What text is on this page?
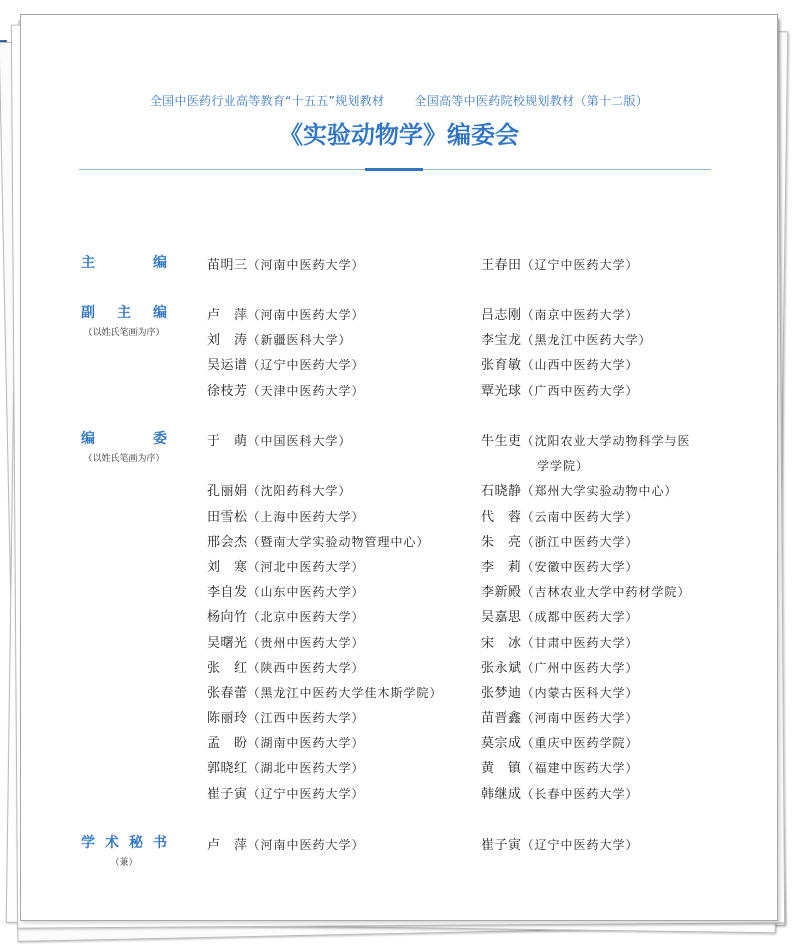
全国中医药行业高等教育“十五五”规划教材	全国高等中医药院校规划教材（第十二版）
《实验动物学》编委会
主	编	苗明三（河南中医药大学）	王春田（辽宁中医药大学）
副 主 编
（以姓氏笔画为序）
卢　萍（河南中医药大学）	吕志刚（南京中医药大学）
刘　涛（新疆医科大学）	李宝龙（黑龙江中医药大学）
吴运谱（辽宁中医药大学）	张育敏（山西中医药大学）
徐枝芳（天津中医药大学）	覃光球（广西中医药大学）
编	委
（以姓氏笔画为序）
于　萌（中国医科大学）	牛生吏（沈阳农业大学动物科学与医
学学院）
孔丽娟（沈阳药科大学）	石晓静（郑州大学实验动物中心）
田雪松（上海中医药大学）	代　蓉（云南中医药大学）
邢会杰（暨南大学实验动物管理中心）	朱　亮（浙江中医药大学）
刘　寒（河北中医药大学）	李　莉（安徽中医药大学）
李自发（山东中医药大学）	李新殿（吉林农业大学中药材学院）
杨向竹（北京中医药大学）	吴嘉思（成都中医药大学）
吴曙光（贵州中医药大学）	宋　冰（甘肃中医药大学）
张　红（陕西中医药大学）	张永斌（广州中医药大学）
张春蕾（黑龙江中医药大学佳木斯学院）	张梦迪（内蒙古医科大学）
陈丽玲（江西中医药大学）	苗晋鑫（河南中医药大学）
孟　盼（湖南中医药大学）	莫宗成（重庆中医药学院）
郭晓红（湖北中医药大学）	黄　镇（福建中医药大学）
崔子寅（辽宁中医药大学）	韩继成（长春中医药大学）
学 术 秘 书
（兼）
卢　萍（河南中医药大学）	崔子寅（辽宁中医药大学）
